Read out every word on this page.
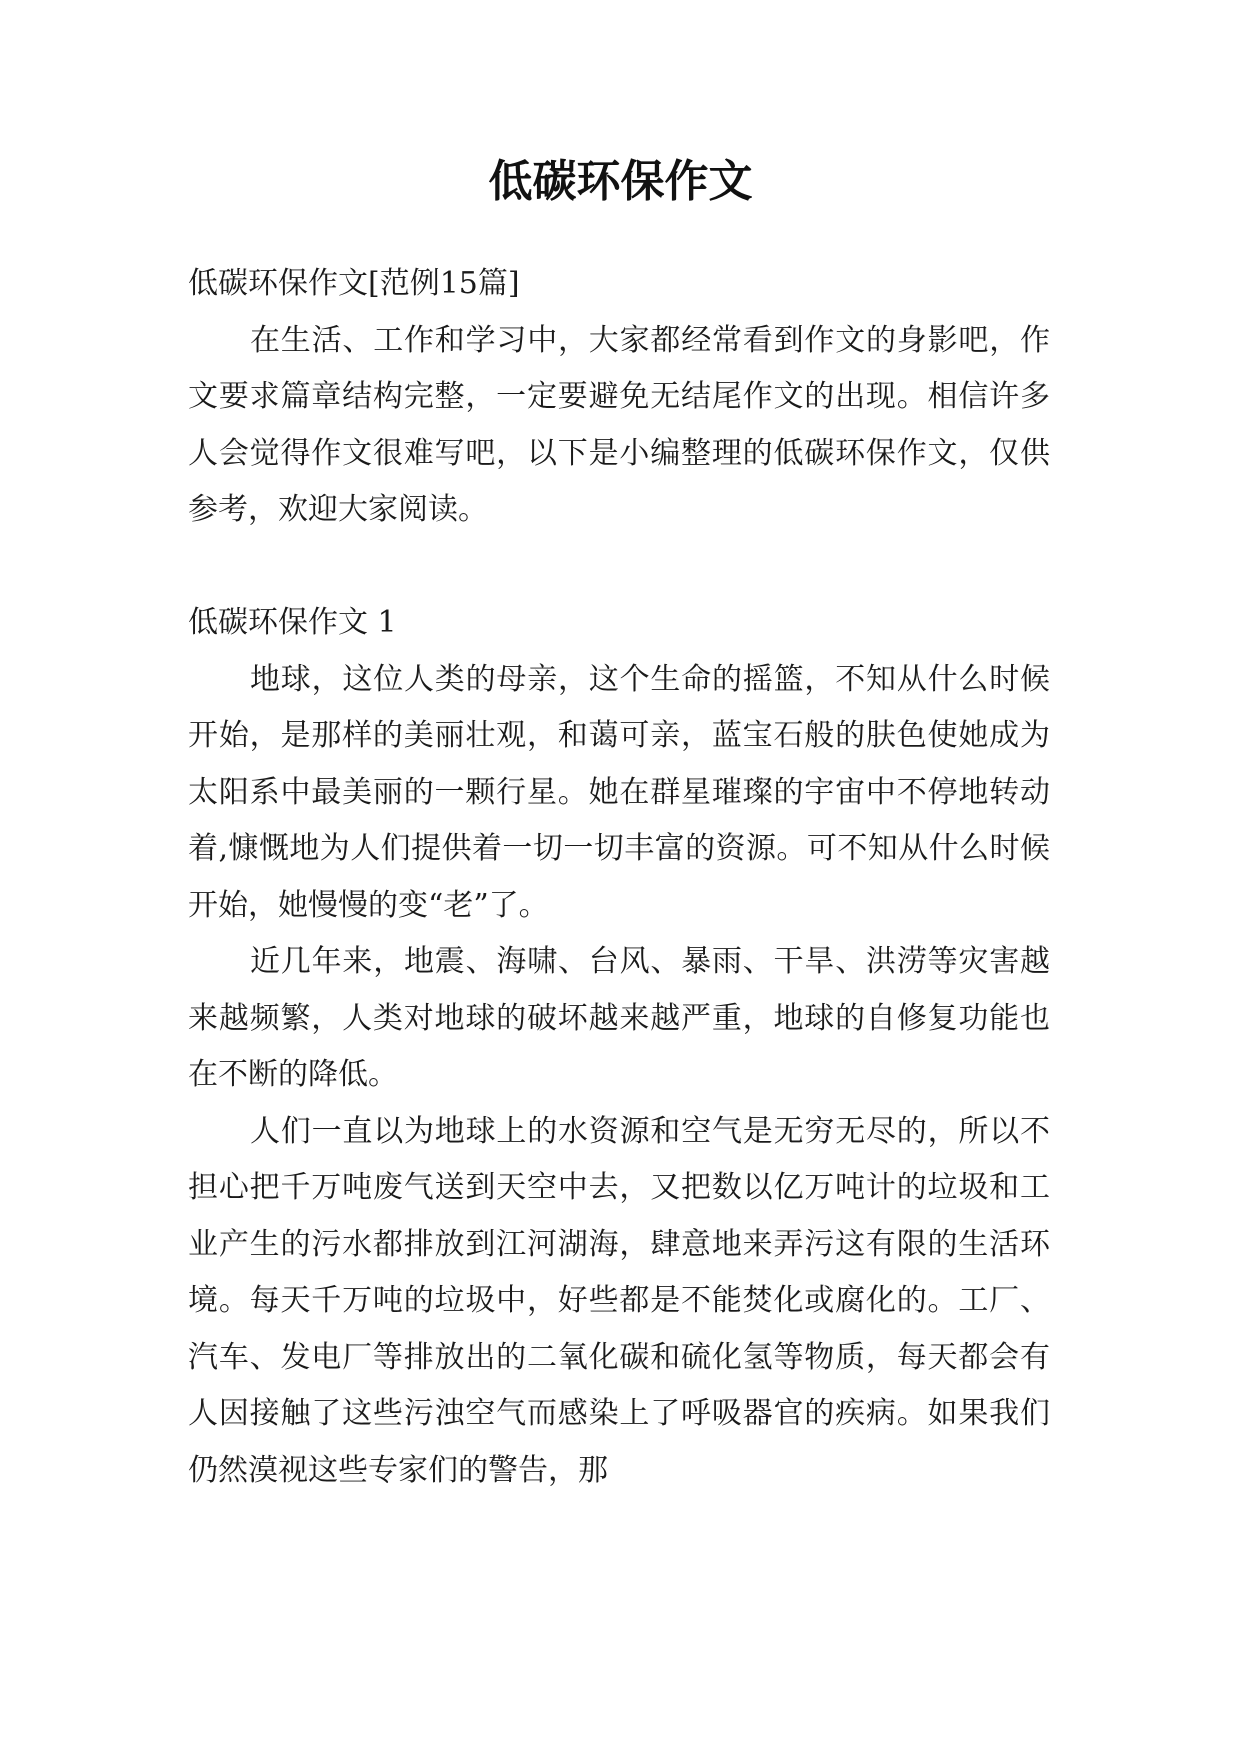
低碳环保作文

低碳环保作文[范例15篇]

在生活、工作和学习中，大家都经常看到作文的身影吧，作文要求篇章结构完整，一定要避免无结尾作文的出现。相信许多人会觉得作文很难写吧，以下是小编整理的低碳环保作文，仅供参考，欢迎大家阅读。

低碳环保作文 1

地球，这位人类的母亲，这个生命的摇篮，不知从什么时候开始，是那样的美丽壮观，和蔼可亲，蓝宝石般的肤色使她成为太阳系中最美丽的一颗行星。她在群星璀璨的宇宙中不停地转动着,慷慨地为人们提供着一切一切丰富的资源。可不知从什么时候开始，她慢慢的变“老”了。

近几年来，地震、海啸、台风、暴雨、干旱、洪涝等灾害越来越频繁，人类对地球的破坏越来越严重，地球的自修复功能也在不断的降低。

人们一直以为地球上的水资源和空气是无穷无尽的，所以不担心把千万吨废气送到天空中去，又把数以亿万吨计的垃圾和工业产生的污水都排放到江河湖海，肆意地来弄污这有限的生活环境。每天千万吨的垃圾中，好些都是不能焚化或腐化的。工厂、汽车、发电厂等排放出的二氧化碳和硫化氢等物质，每天都会有人因接触了这些污浊空气而感染上了呼吸器官的疾病。如果我们仍然漠视这些专家们的警告，那
